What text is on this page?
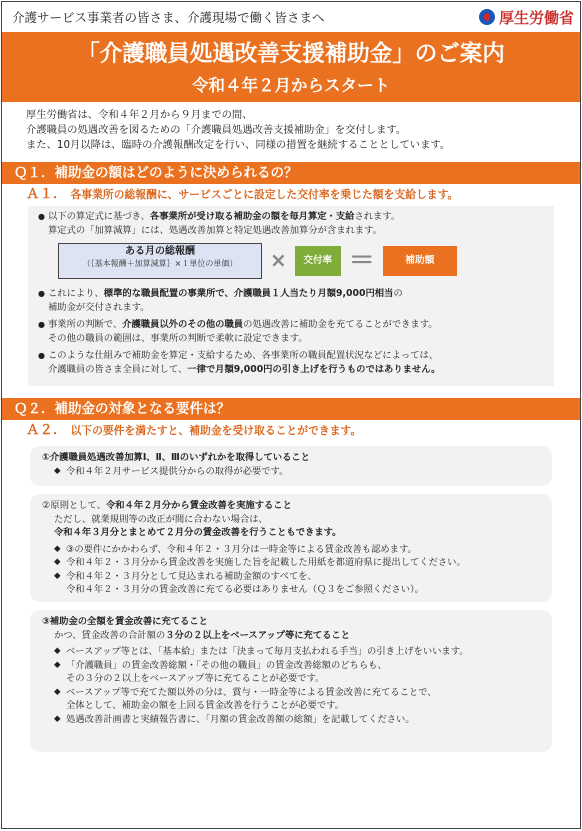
介護サービス事業者の皆さま、介護現場で働く皆さまへ	厚生労働省
「介護職員処遇改善支援補助金」のご案内
令和４年２月からスタート
厚生労働省は、令和４年２月から９月までの間、
介護職員の処遇改善を図るための「介護職員処遇改善支援補助金」を交付します。
また、10月以降は、臨時の介護報酬改定を行い、同様の措置を継続することとしています。
Ｑ１．補助金の額はどのように決められるの？
Ａ１． 各事業所の総報酬に、サービスごとに設定した交付率を乗じた額を支給します。
● 以下の算定式に基づき、各事業所が受け取る補助金の額を毎月算定・支給されます。
算定式の「加算減算」には、処遇改善加算と特定処遇改善加算分が含まれます。
ある月の総報酬
（｛基本報酬＋加算減算｝×１単位の単価）	×	交付率 ＝	補助額
● これにより、標準的な職員配置の事業所で、介護職員１人当たり月額9,000円相当の
補助金が交付されます。
● 事業所の判断で、介護職員以外のその他の職員の処遇改善に補助金を充てることができます。
その他の職員の範囲は、事業所の判断で柔軟に設定できます。
● このような仕組みで補助金を算定・支給するため、各事業所の職員配置状況などによっては、
介護職員の皆さま全員に対して、一律で月額9,000円の引き上げを行うものではありません。
Ｑ２．補助金の対象となる要件は？
Ａ２． 以下の要件を満たすと、補助金を受け取ることができます。
①介護職員処遇改善加算Ⅰ、Ⅱ、Ⅲのいずれかを取得していること
◆ 令和４年２月サービス提供分からの取得が必要です。
②原則として、令和４年２月分から賃金改善を実施すること
ただし、就業規則等の改正が間に合わない場合は、
令和４年３月分とまとめて２月分の賃金改善を行うこともできます。
◆ ③の要件にかかわらず、令和４年２・３月分は一時金等による賃金改善も認めます。
◆ 令和４年２・３月分から賃金改善を実施した旨を記載した用紙を都道府県に提出してください。
◆ 令和４年２・３月分として見込まれる補助金額のすべてを、
令和４年２・３月分の賃金改善に充てる必要はありません（Ｑ３をご参照ください）。
③補助金の全額を賃金改善に充てること
かつ、賃金改善の合計額の３分の２以上をベースアップ等に充てること
◆ ベースアップ等とは、「基本給」または「決まって毎月支払われる手当」の引き上げをいいます。
◆ 「介護職員」の賃金改善総額・「その他の職員」の賃金改善総額のどちらも、
その３分の２以上をベースアップ等に充てることが必要です。
◆ ベースアップ等で充てた額以外の分は、賞与・一時金等による賃金改善に充てることで、
全体として、補助金の額を上回る賃金改善を行うことが必要です。
◆ 処遇改善計画書と実績報告書に、「月額の賃金改善額の総額」を記載してください。
